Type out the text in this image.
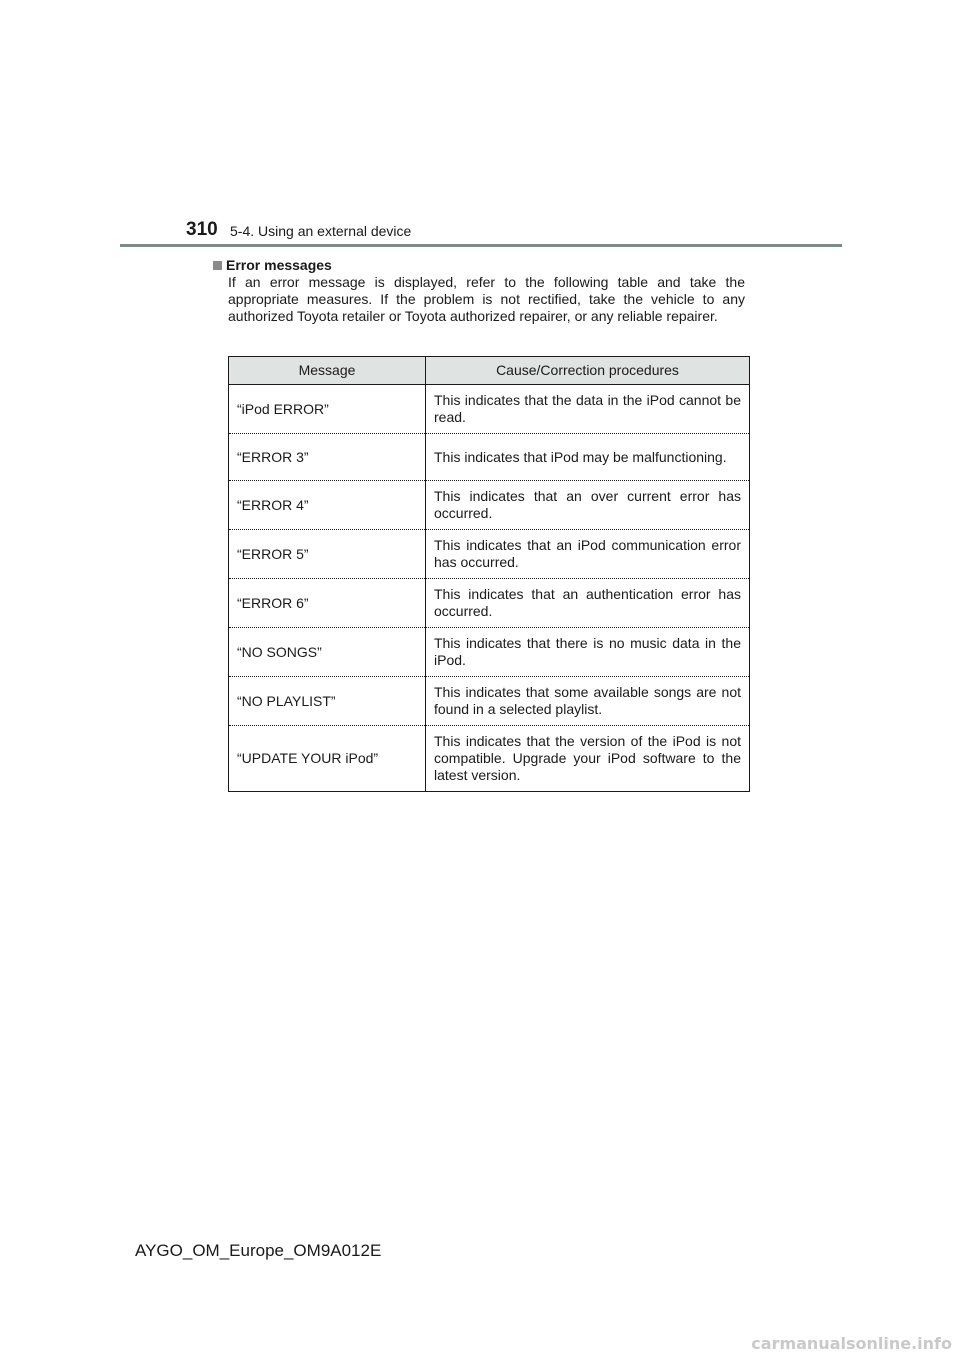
310 5-4. Using an external device
Error messages

If an error message is displayed, refer to the following table and take the appropriate measures. If the problem is not rectified, take the vehicle to any authorized Toyota retailer or Toyota authorized repairer, or any reliable repairer.

Message	Cause/Correction procedures
“iPod ERROR”	This indicates that the data in the iPod cannot be read.
“ERROR 3”	This indicates that iPod may be malfunctioning.
“ERROR 4”	This indicates that an over current error has occurred.
“ERROR 5”	This indicates that an iPod communication error has occurred.
“ERROR 6”	This indicates that an authentication error has occurred.
“NO SONGS”	This indicates that there is no music data in the iPod.
“NO PLAYLIST”	This indicates that some available songs are not found in a selected playlist.
“UPDATE YOUR iPod”	This indicates that the version of the iPod is not compatible. Upgrade your iPod software to the latest version.
AYGO_OM_Europe_OM9A012E
carmanualsonline.info
